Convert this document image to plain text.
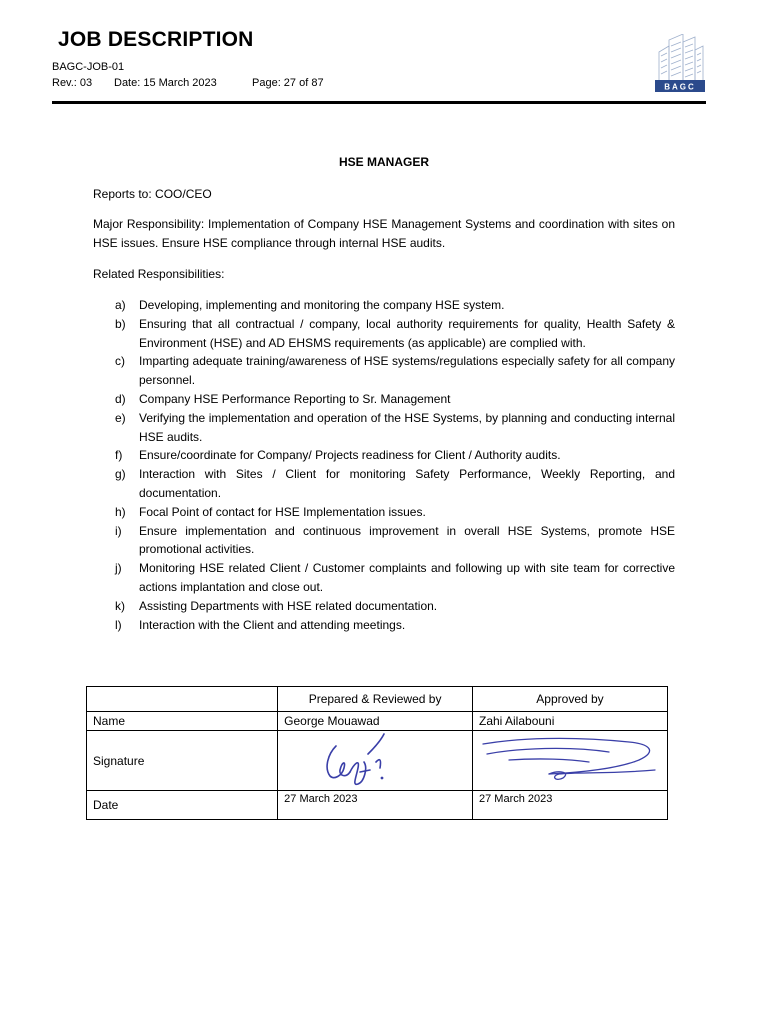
JOB DESCRIPTION
BAGC-JOB-01
Rev.: 03 Date: 15 March 2023	Page: 27 of 87	BAGC
HSE MANAGER
Reports to: COO/CEO
Major Responsibility: Implementation of Company HSE Management Systems and coordination with sites on HSE issues. Ensure HSE compliance through internal HSE audits.
Related Responsibilities:
a) Developing, implementing and monitoring the company HSE system.
b) Ensuring that all contractual / company, local authority requirements for quality, Health Safety & Environment (HSE) and AD EHSMS requirements (as applicable) are complied with.
c) Imparting adequate training/awareness of HSE systems/regulations especially safety for all company personnel.
d) Company HSE Performance Reporting to Sr. Management
e) Verifying the implementation and operation of the HSE Systems, by planning and conducting internal HSE audits.
f) Ensure/coordinate for Company/ Projects readiness for Client / Authority audits.
g) Interaction with Sites / Client for monitoring Safety Performance, Weekly Reporting, and documentation.
h) Focal Point of contact for HSE Implementation issues.
i) Ensure implementation and continuous improvement in overall HSE Systems, promote HSE promotional activities.
j) Monitoring HSE related Client / Customer complaints and following up with site team for corrective actions implantation and close out.
k) Assisting Departments with HSE related documentation.
l) Interaction with the Client and attending meetings.
	Prepared & Reviewed by	Approved by
Name	George Mouawad	Zahi Ailabouni
Signature	

Date	27 March 2023	27 March 2023
